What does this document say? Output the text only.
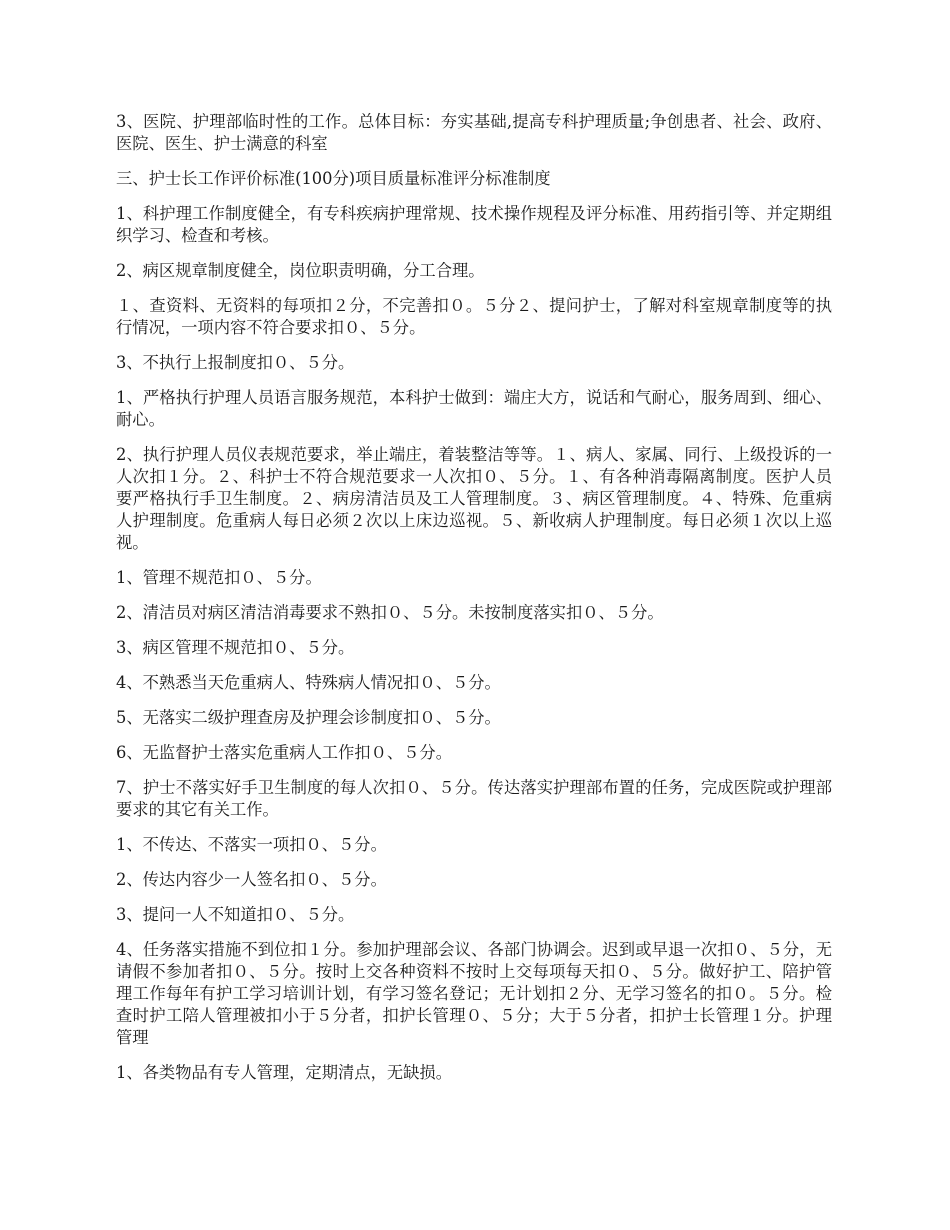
3、医院、护理部临时性的工作。总体目标：夯实基础,提高专科护理质量;争创患者、社会、政府、医院、医生、护士满意的科室

三、护士长工作评价标准(100分)项目质量标准评分标准制度

1、科护理工作制度健全，有专科疾病护理常规、技术操作规程及评分标准、用药指引等、并定期组织学习、检查和考核。

2、病区规章制度健全，岗位职责明确，分工合理。

１、查资料、无资料的每项扣２分，不完善扣０。５分２、提问护士，了解对科室规章制度等的执行情况，一项内容不符合要求扣０、５分。

3、不执行上报制度扣０、５分。

1、严格执行护理人员语言服务规范，本科护士做到：端庄大方，说话和气耐心，服务周到、细心、耐心。

2、执行护理人员仪表规范要求，举止端庄，着装整洁等等。１、病人、家属、同行、上级投诉的一人次扣１分。２、科护士不符合规范要求一人次扣０、５分。１、有各种消毒隔离制度。医护人员要严格执行手卫生制度。２、病房清洁员及工人管理制度。３、病区管理制度。４、特殊、危重病人护理制度。危重病人每日必须２次以上床边巡视。５、新收病人护理制度。每日必须１次以上巡视。

1、管理不规范扣０、５分。

2、清洁员对病区清洁消毒要求不熟扣０、５分。未按制度落实扣０、５分。

3、病区管理不规范扣０、５分。

4、不熟悉当天危重病人、特殊病人情况扣０、５分。

5、无落实二级护理查房及护理会诊制度扣０、５分。

6、无监督护士落实危重病人工作扣０、５分。

7、护士不落实好手卫生制度的每人次扣０、５分。传达落实护理部布置的任务，完成医院或护理部要求的其它有关工作。

1、不传达、不落实一项扣０、５分。

2、传达内容少一人签名扣０、５分。

3、提问一人不知道扣０、５分。

4、任务落实措施不到位扣１分。参加护理部会议、各部门协调会。迟到或早退一次扣０、５分，无请假不参加者扣０、５分。按时上交各种资料不按时上交每项每天扣０、５分。做好护工、陪护管理工作每年有护工学习培训计划，有学习签名登记；无计划扣２分、无学习签名的扣０。５分。检查时护工陪人管理被扣小于５分者，扣护长管理０、５分；大于５分者，扣护士长管理１分。护理管理

1、各类物品有专人管理，定期清点，无缺损。
